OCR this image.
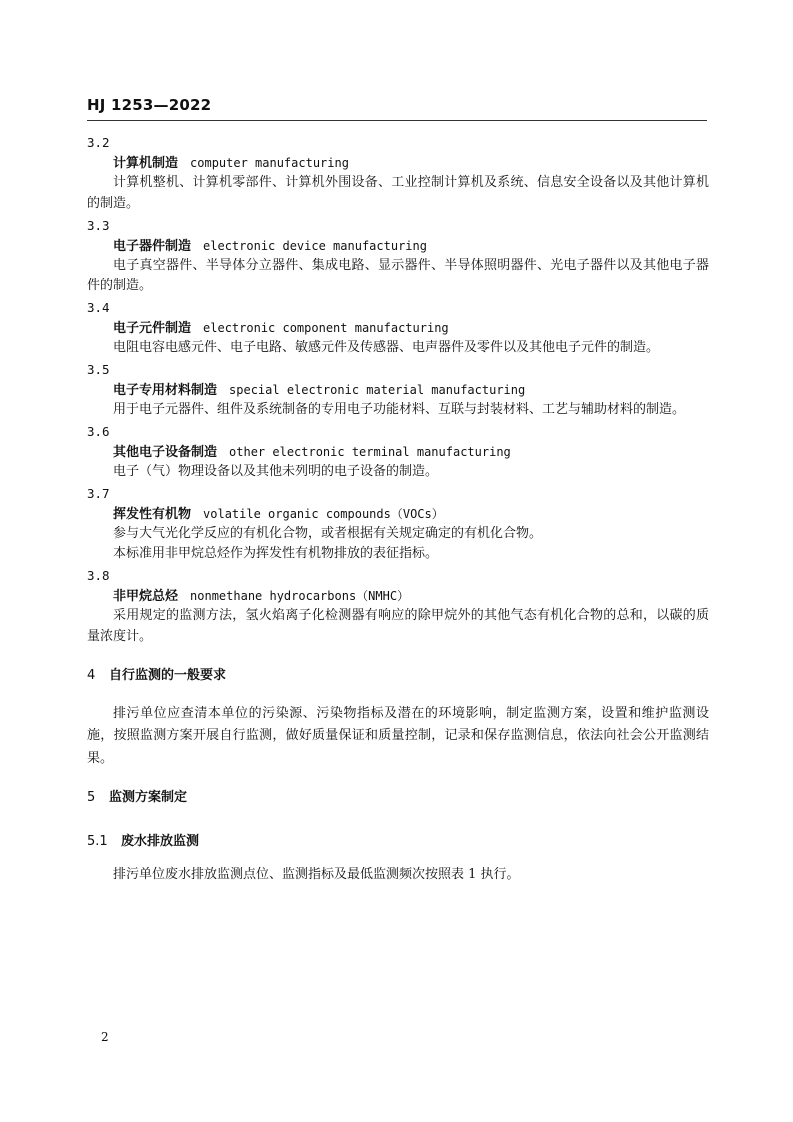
HJ 1253—2022
3.2
计算机制造 computer manufacturing

计算机整机、计算机零部件、计算机外围设备、工业控制计算机及系统、信息安全设备以及其他计算机的制造。

3.3
电子器件制造 electronic device manufacturing

电子真空器件、半导体分立器件、集成电路、显示器件、半导体照明器件、光电子器件以及其他电子器件的制造。

3.4
电子元件制造 electronic component manufacturing

电阻电容电感元件、电子电路、敏感元件及传感器、电声器件及零件以及其他电子元件的制造。

3.5
电子专用材料制造 special electronic material manufacturing

用于电子元器件、组件及系统制备的专用电子功能材料、互联与封装材料、工艺与辅助材料的制造。

3.6
其他电子设备制造 other electronic terminal manufacturing

电子（气）物理设备以及其他未列明的电子设备的制造。

3.7
挥发性有机物 volatile organic compounds（VOCs）

参与大气光化学反应的有机化合物，或者根据有关规定确定的有机化合物。

本标准用非甲烷总烃作为挥发性有机物排放的表征指标。

3.8
非甲烷总烃 nonmethane hydrocarbons（NMHC）

采用规定的监测方法，氢火焰离子化检测器有响应的除甲烷外的其他气态有机化合物的总和，以碳的质量浓度计。

4 自行监测的一般要求

排污单位应查清本单位的污染源、污染物指标及潜在的环境影响，制定监测方案，设置和维护监测设施，按照监测方案开展自行监测，做好质量保证和质量控制，记录和保存监测信息，依法向社会公开监测结果。

5 监测方案制定
5.1 废水排放监测

排污单位废水排放监测点位、监测指标及最低监测频次按照表 1 执行。

2
